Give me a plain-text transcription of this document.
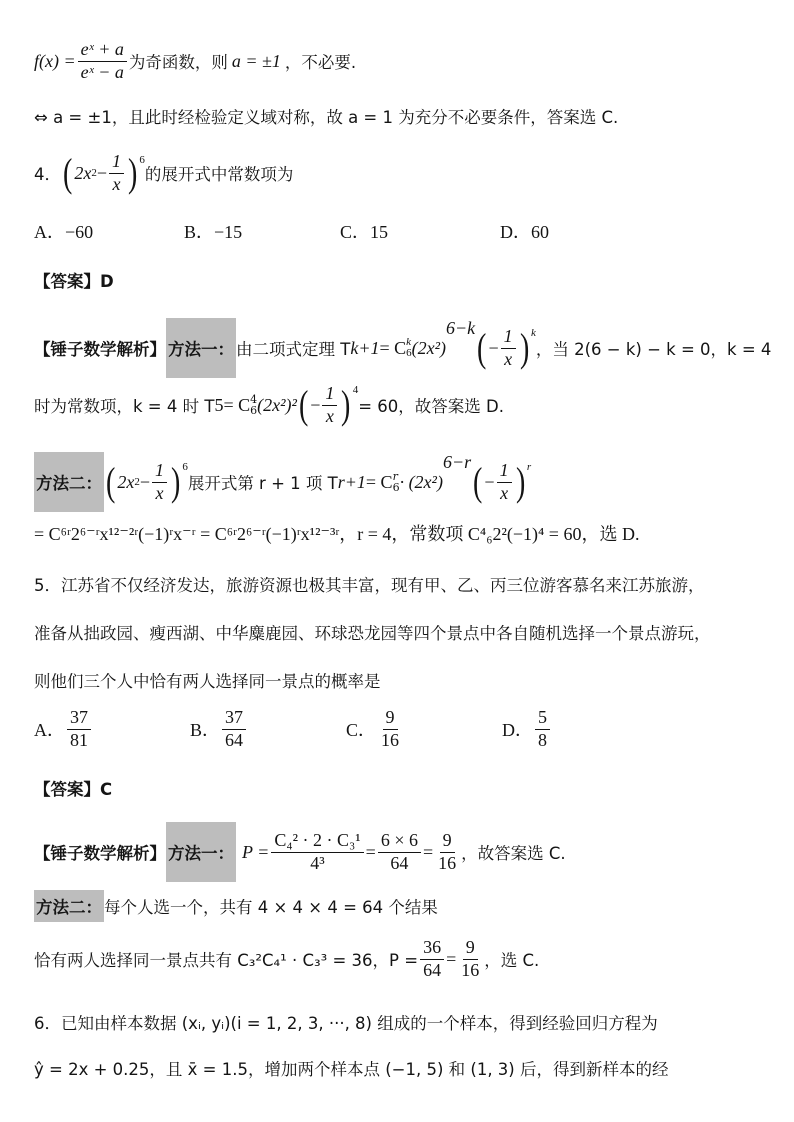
$f(x) = \frac{\text{eˣ + a}}{\text{eˣ − a}}$ 为奇函数，则 a = ±1 ，不必要.
⇔ a = ±1，且此时经检验定义域对称，故 a = 1 为充分不必要条件，答案选 C.
4． ( 2x $2 - \frac{1}{x} )^6$
的展开式中常数项为
A．−60	B．−15	C．15	D．60
【答案】D
【锤子数学解析】 方法一： 由二项式定理 T k+1 = C k
6 (2x²)
6−k ( − $\frac{1}{x} )^k$
，当 2(6 − k) − k = 0，k = 4
时为常数项，k = 4 时 T 5 = C 4
6 (2x²)² ( − $\frac{1}{x} )^4$
= 60，故答案选 D.
方法二： ( 2x $2 - \frac{1}{x} )^6$
展开式第 r + 1 项 T r+1 = C r
6 · (2x²)
6−r ( − $\frac{1}{x} )^r$
= C⁶ʳ2⁶⁻ʳx¹²⁻²ʳ(−1)ʳx⁻ʳ = C⁶ʳ2⁶⁻ʳ(−1)ʳx¹²⁻³ʳ，r = 4，常数项 C⁴₆2²(−1)⁴ = 60，选 D.
5．江苏省不仅经济发达，旅游资源也极其丰富，现有甲、乙、丙三位游客慕名来江苏旅游，
准备从拙政园、瘦西湖、中华麋鹿园、环球恐龙园等四个景点中各自随机选择一个景点游玩，
则他们三个人中恰有两人选择同一景点的概率是
A． $\frac{37}{81}$	B． $\frac{37}{64}$	C． $\frac{9}{16}$	D． $\frac{5}{8}$
【答案】C
【锤子数学解析】 方法一： $P = \frac{\text{C₄² · 2 · C₃¹}}{\text{4³}} = \frac{6 \times 6}{64} = \frac{9}{16}$ ，故答案选 C.
方法二： 每个人选一个，共有 4 × 4 × 4 = 64 个结果
恰有两人选择同一景点共有 C₃²C₄¹ · C₃³ = 36，$P = \frac{36}{64} = \frac{9}{16}$ ，选 C.
6．已知由样本数据 (xᵢ, yᵢ)(i = 1, 2, 3, ···, 8) 组成的一个样本，得到经验回归方程为
ŷ = 2x + 0.25，且 x̄ = 1.5，增加两个样本点 (−1, 5) 和 (1, 3) 后，得到新样本的经
